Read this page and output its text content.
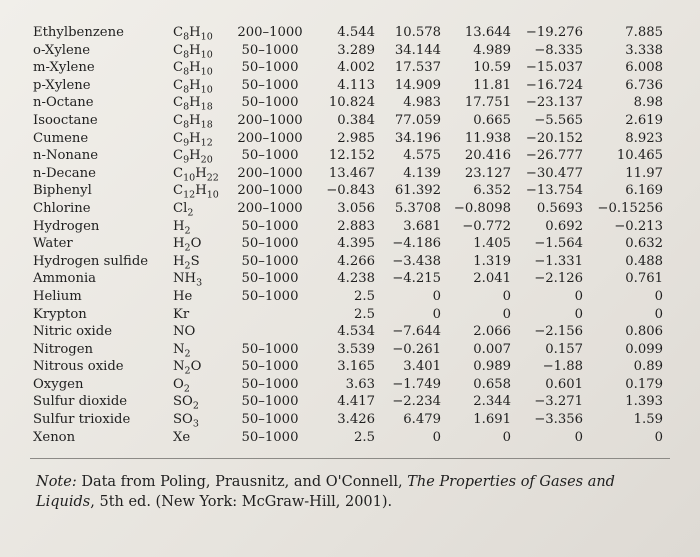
Ethylbenzene	$C_8H_{10}$	200–1000	4.544	10.578	13.644	−19.276	7.885
o-Xylene	$C_8H_{10}$	50–1000	3.289	34.144	4.989	−8.335	3.338
m-Xylene	$C_8H_{10}$	50–1000	4.002	17.537	10.59	−15.037	6.008
p-Xylene	$C_8H_{10}$	50–1000	4.113	14.909	11.81	−16.724	6.736
n-Octane	$C_8H_{18}$	50–1000	10.824	4.983	17.751	−23.137	8.98
Isooctane	$C_8H_{18}$	200–1000	0.384	77.059	0.665	−5.565	2.619
Cumene	$C_9H_{12}$	200–1000	2.985	34.196	11.938	−20.152	8.923
n-Nonane	$C_9H_{20}$	50–1000	12.152	4.575	20.416	−26.777	10.465
n-Decane	$C_{10}H_{22}$	200–1000	13.467	4.139	23.127	−30.477	11.97
Biphenyl	$C_{12}H_{10}$	200–1000	−0.843	61.392	6.352	−13.754	6.169
Chlorine	$Cl_2$	200–1000	3.056	5.3708	−0.8098	0.5693	−0.15256
Hydrogen	$H_2$	50–1000	2.883	3.681	−0.772	0.692	−0.213
Water	$H_2O$	50–1000	4.395	−4.186	1.405	−1.564	0.632
Hydrogen sulfide	$H_2S$	50–1000	4.266	−3.438	1.319	−1.331	0.488
Ammonia	$NH_3$	50–1000	4.238	−4.215	2.041	−2.126	0.761
Helium	He	50–1000	2.5	0	0	0	0
Krypton	Kr		2.5	0	0	0	0
Nitric oxide	NO		4.534	−7.644	2.066	−2.156	0.806
Nitrogen	$N_2$	50–1000	3.539	−0.261	0.007	0.157	0.099
Nitrous oxide	$N_2O$	50–1000	3.165	3.401	0.989	−1.88	0.89
Oxygen	$O_2$	50–1000	3.63	−1.749	0.658	0.601	0.179
Sulfur dioxide	$SO_2$	50–1000	4.417	−2.234	2.344	−3.271	1.393
Sulfur trioxide	$SO_3$	50–1000	3.426	6.479	1.691	−3.356	1.59
Xenon	Xe	50–1000	2.5	0	0	0	0
Note: Data from Poling, Prausnitz, and O'Connell, The Properties of Gases and Liquids, 5th ed. (New York: McGraw-Hill, 2001).
